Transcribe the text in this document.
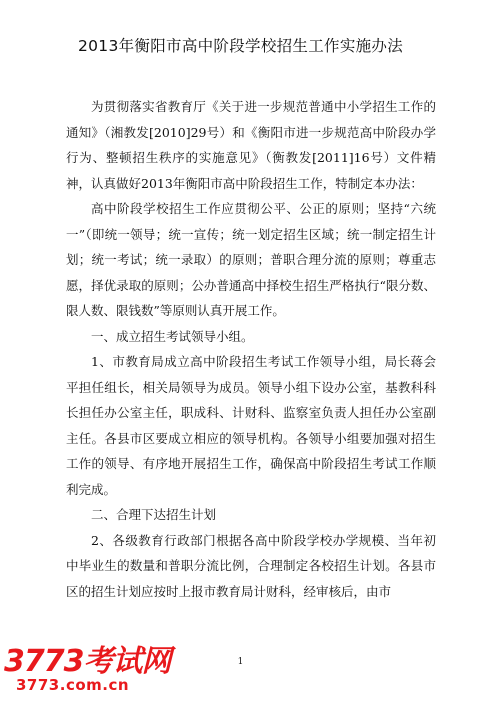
2013年衡阳市高中阶段学校招生工作实施办法

为贯彻落实省教育厅《关于进一步规范普通中小学招生工作的通知》（湘教发[2010]29号）和《衡阳市进一步规范高中阶段办学行为、整顿招生秩序的实施意见》（衡教发[2011]16号）文件精神，认真做好2013年衡阳市高中阶段招生工作，特制定本办法：

高中阶段学校招生工作应贯彻公平、公正的原则；坚持“六统一”（即统一领导；统一宣传；统一划定招生区域；统一制定招生计划；统一考试；统一录取）的原则；普职合理分流的原则；尊重志愿，择优录取的原则；公办普通高中择校生招生严格执行“限分数、限人数、限钱数”等原则认真开展工作。

一、成立招生考试领导小组。

1、市教育局成立高中阶段招生考试工作领导小组，局长蒋会平担任组长，相关局领导为成员。领导小组下设办公室，基教科科长担任办公室主任，职成科、计财科、监察室负责人担任办公室副主任。各县市区要成立相应的领导机构。各领导小组要加强对招生工作的领导、有序地开展招生工作，确保高中阶段招生考试工作顺利完成。

二、合理下达招生计划

2、各级教育行政部门根据各高中阶段学校办学规模、当年初中毕业生的数量和普职分流比例，合理制定各校招生计划。各县市区的招生计划应按时上报市教育局计财科，经审核后，由市

1
3773考试网
3773.com.cn
